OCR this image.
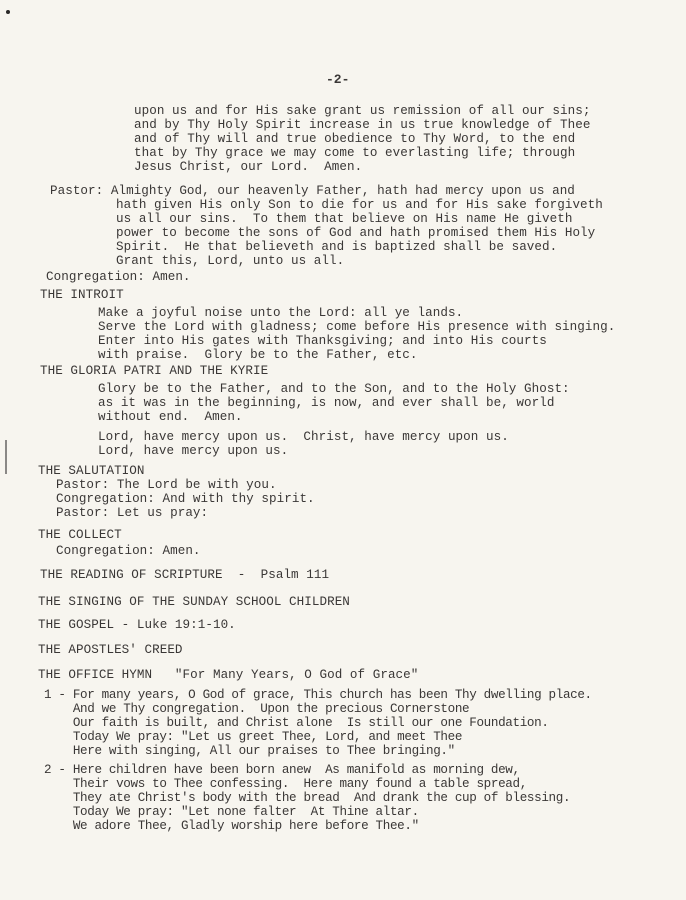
-2-
upon us and for His sake grant us remission of all our sins;
and by Thy Holy Spirit increase in us true knowledge of Thee
and of Thy will and true obedience to Thy Word, to the end
that by Thy grace we may come to everlasting life; through
Jesus Christ, our Lord.  Amen.
Pastor: Almighty God, our heavenly Father, hath had mercy upon us and
hath given His only Son to die for us and for His sake forgiveth
us all our sins.  To them that believe on His name He giveth
power to become the sons of God and hath promised them His Holy
Spirit.  He that believeth and is baptized shall be saved.
Grant this, Lord, unto us all.
Congregation: Amen.
THE INTROIT
Make a joyful noise unto the Lord: all ye lands.
Serve the Lord with gladness; come before His presence with singing.
Enter into His gates with Thanksgiving; and into His courts
with praise.  Glory be to the Father, etc.
THE GLORIA PATRI AND THE KYRIE
Glory be to the Father, and to the Son, and to the Holy Ghost:
as it was in the beginning, is now, and ever shall be, world
without end.  Amen.
Lord, have mercy upon us.  Christ, have mercy upon us.
Lord, have mercy upon us.
THE SALUTATION
Pastor: The Lord be with you.
Congregation: And with thy spirit.
Pastor: Let us pray:
THE COLLECT
Congregation: Amen.
THE READING OF SCRIPTURE  -  Psalm 111
THE SINGING OF THE SUNDAY SCHOOL CHILDREN
THE GOSPEL - Luke 19:1-10.
THE APOSTLES' CREED
THE OFFICE HYMN   "For Many Years, O God of Grace"
1 - For many years, O God of grace, This church has been Thy dwelling place.
And we Thy congregation.  Upon the precious Cornerstone
Our faith is built, and Christ alone  Is still our one Foundation.
Today We pray: "Let us greet Thee, Lord, and meet Thee
Here with singing, All our praises to Thee bringing."
2 - Here children have been born anew  As manifold as morning dew,
Their vows to Thee confessing.  Here many found a table spread,
They ate Christ's body with the bread  And drank the cup of blessing.
Today We pray: "Let none falter  At Thine altar.
We adore Thee, Gladly worship here before Thee."
